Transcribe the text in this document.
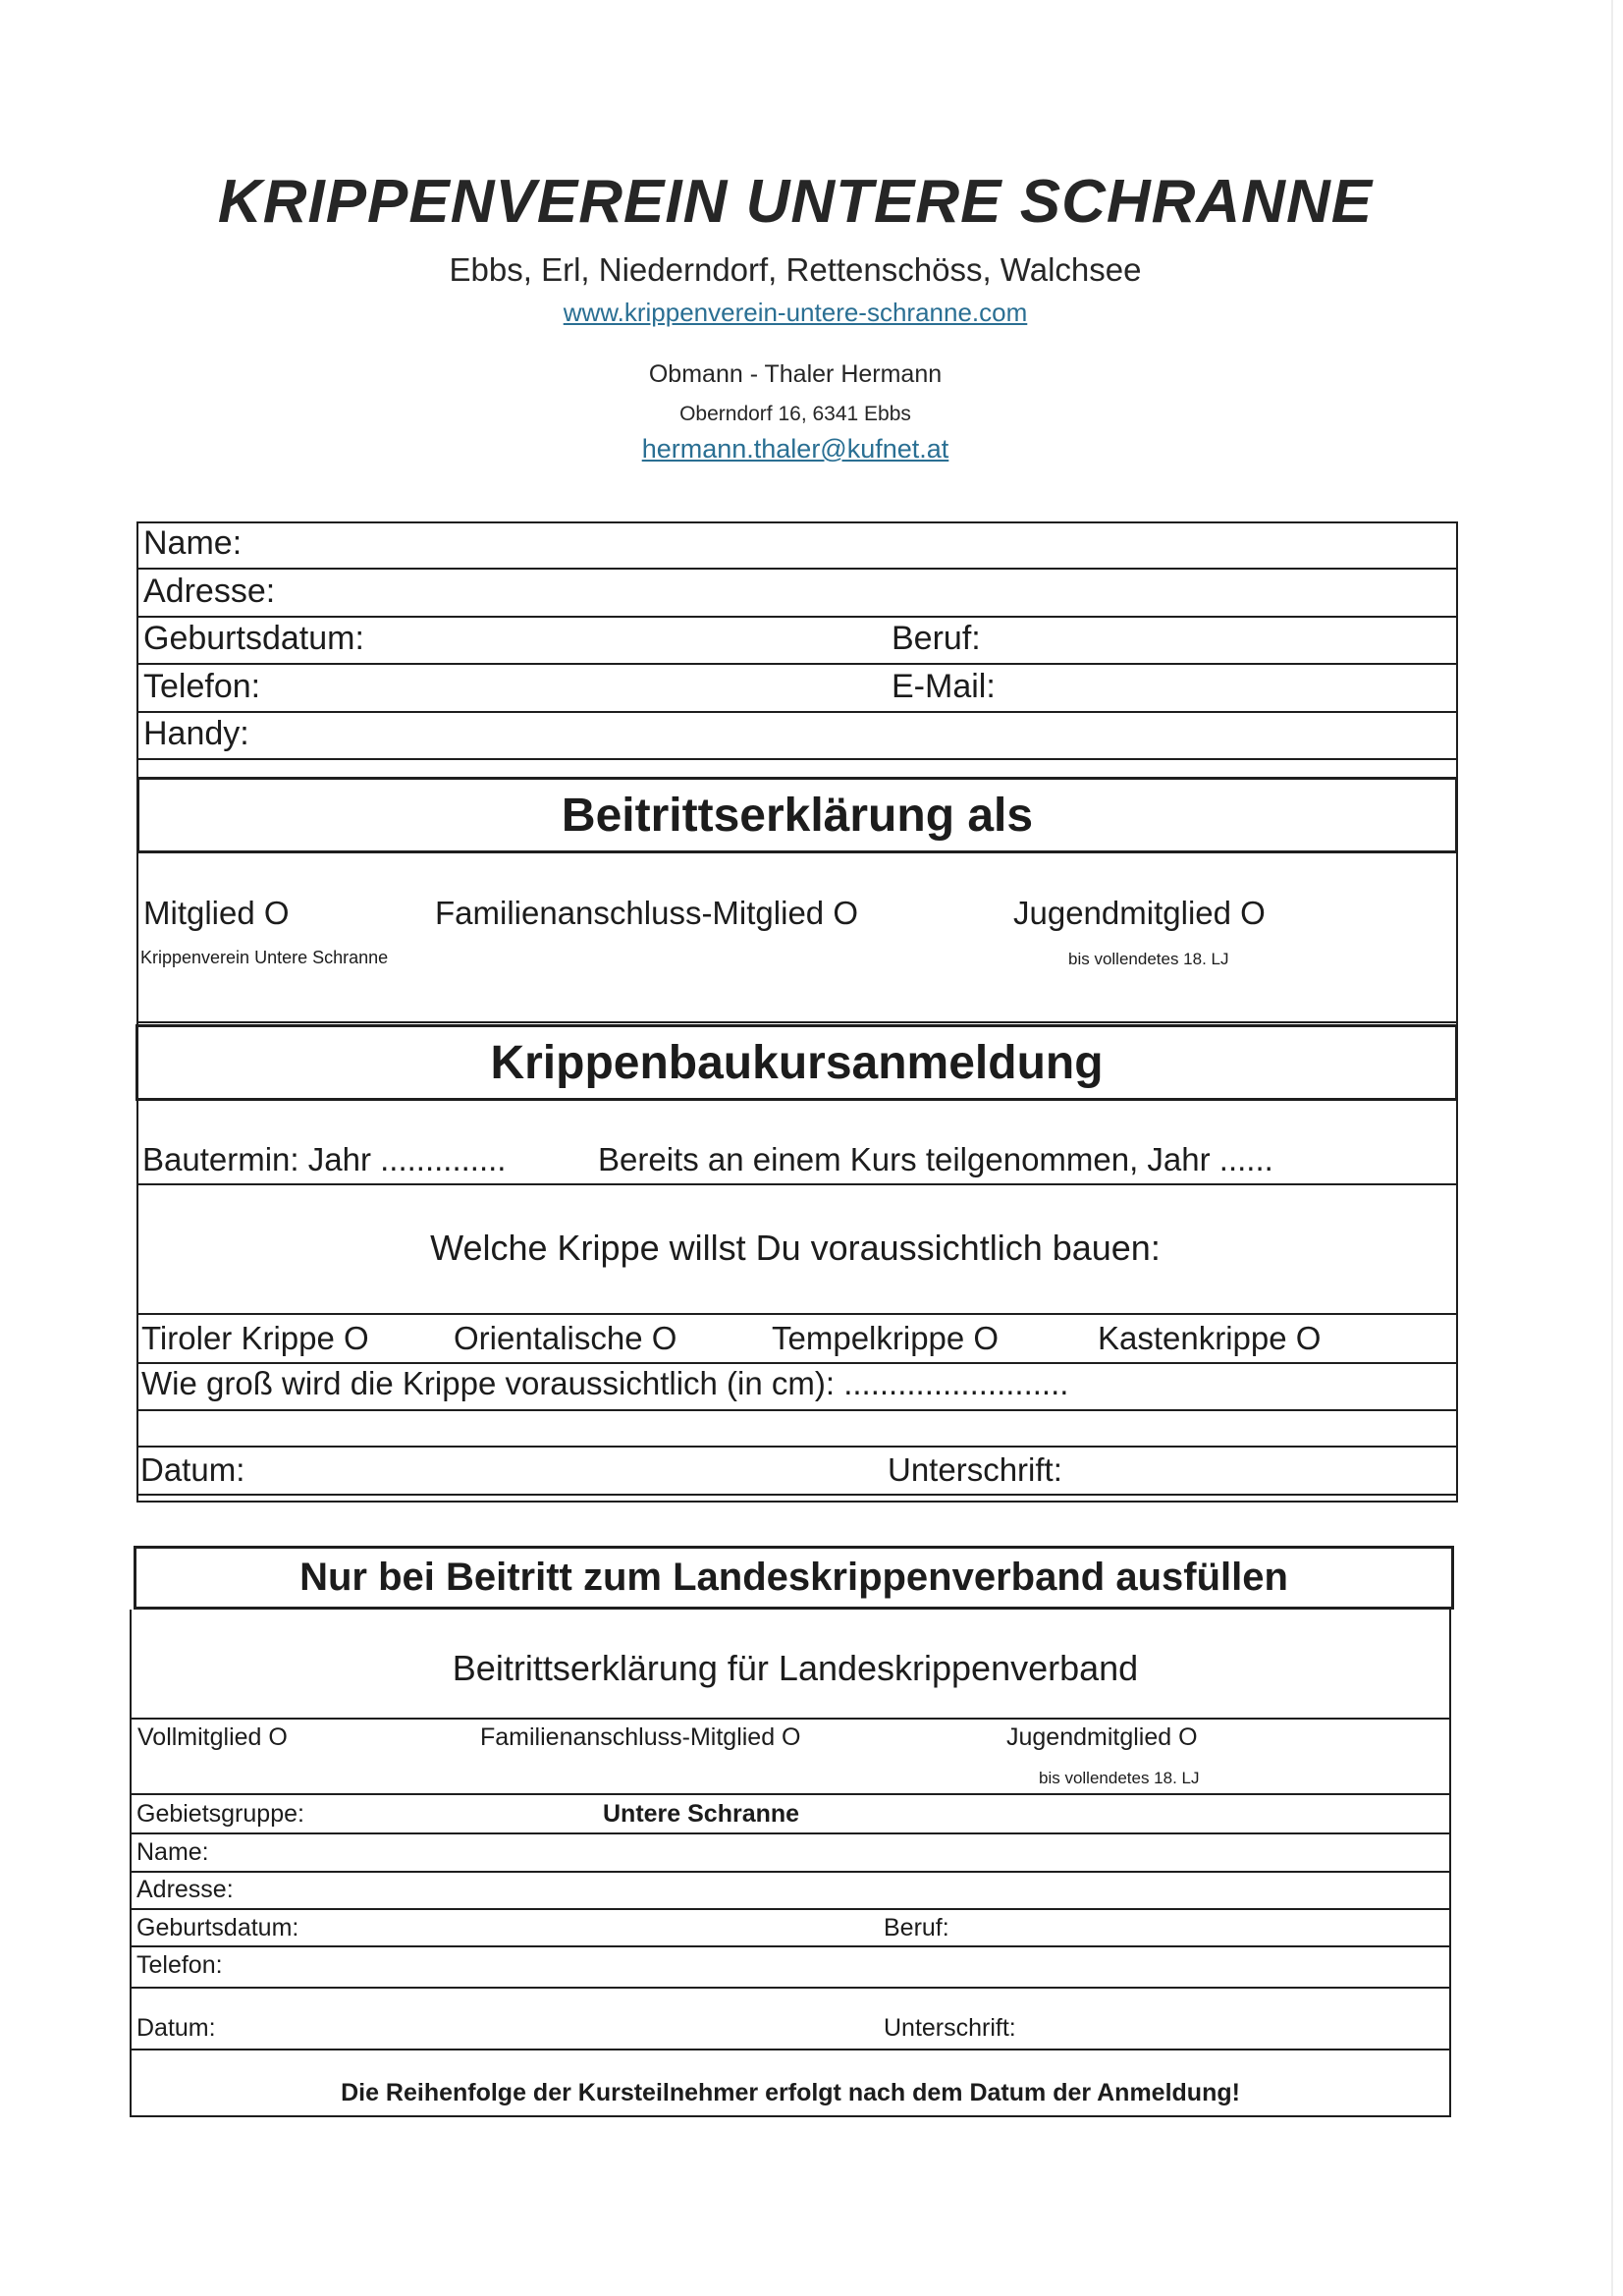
KRIPPENVEREIN UNTERE SCHRANNE
Ebbs, Erl, Niederndorf, Rettenschöss, Walchsee
www.krippenverein-untere-schranne.com
Obmann - Thaler Hermann
Oberndorf 16, 6341 Ebbs
hermann.thaler@kufnet.at
Name:
Adresse:
Geburtsdatum:	Beruf:
Telefon:	E-Mail:
Handy:
Beitrittserklärung als
Mitglied O
Krippenverein Untere Schranne
Familienanschluss-Mitglied O	Jugendmitglied O
bis vollendetes 18. LJ
Krippenbaukursanmeldung
Bautermin: Jahr ..............	Bereits an einem Kurs teilgenommen, Jahr ......
Welche Krippe willst Du voraussichtlich bauen:
Tiroler Krippe O	Orientalische O	Tempelkrippe O	Kastenkrippe O
Wie groß wird die Krippe voraussichtlich (in cm): .........................
Datum:	Unterschrift:
Nur bei Beitritt zum Landeskrippenverband ausfüllen
Beitrittserklärung für Landeskrippenverband
Vollmitglied O	Familienanschluss-Mitglied O	Jugendmitglied O
bis vollendetes 18. LJ
Gebietsgruppe:	Untere Schranne
Name:
Adresse:
Geburtsdatum:	Beruf:
Telefon:
Datum:	Unterschrift:
Die Reihenfolge der Kursteilnehmer erfolgt nach dem Datum der Anmeldung!
